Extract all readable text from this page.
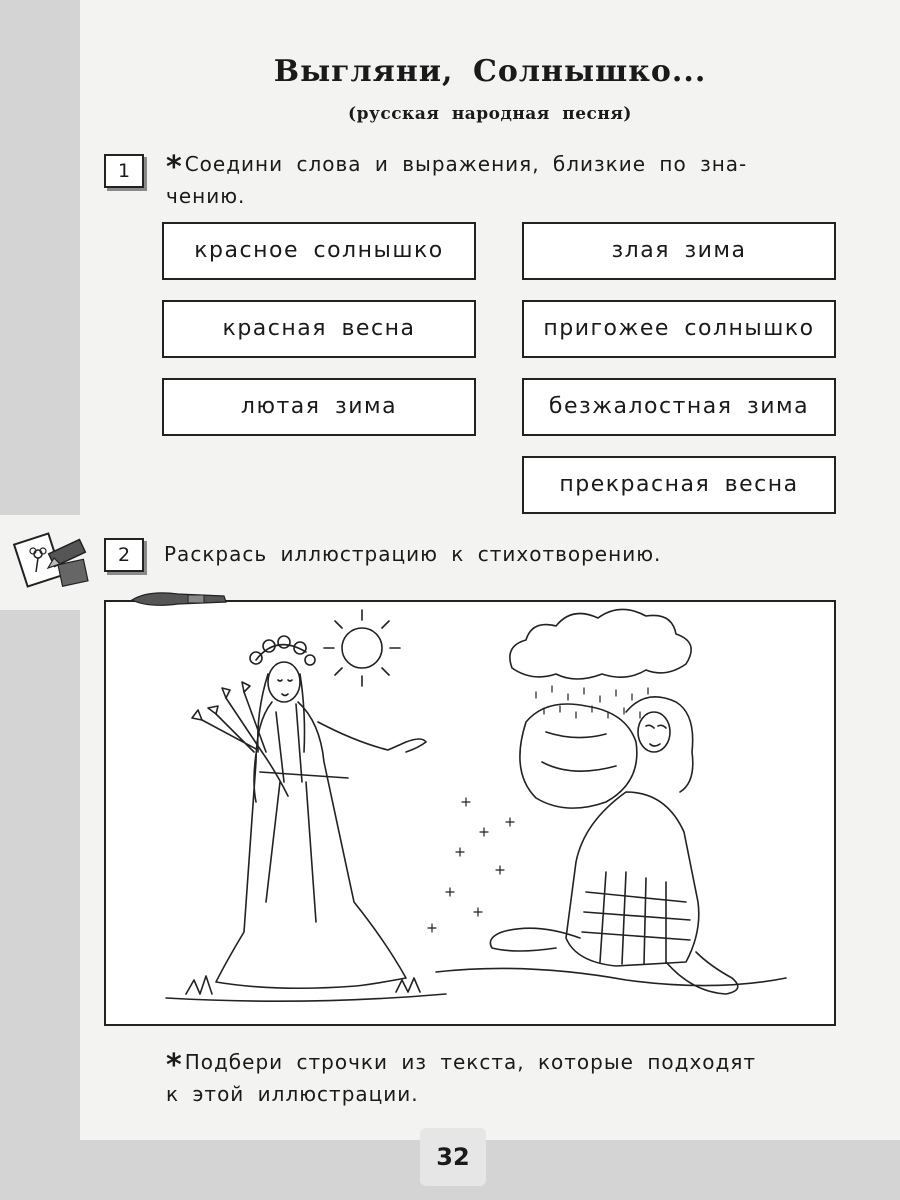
Выгляни, Солнышко...
(русская народная песня)
1	* Соедини слова и выражения, близкие по зна-
чению.
красное солнышко
красная весна
лютая зима
злая зима
пригожее солнышко
безжалостная зима
прекрасная весна
2	Раскрась иллюстрацию к стихотворению.
* Подбери строчки из текста, которые подходят
к этой иллюстрации.
32
